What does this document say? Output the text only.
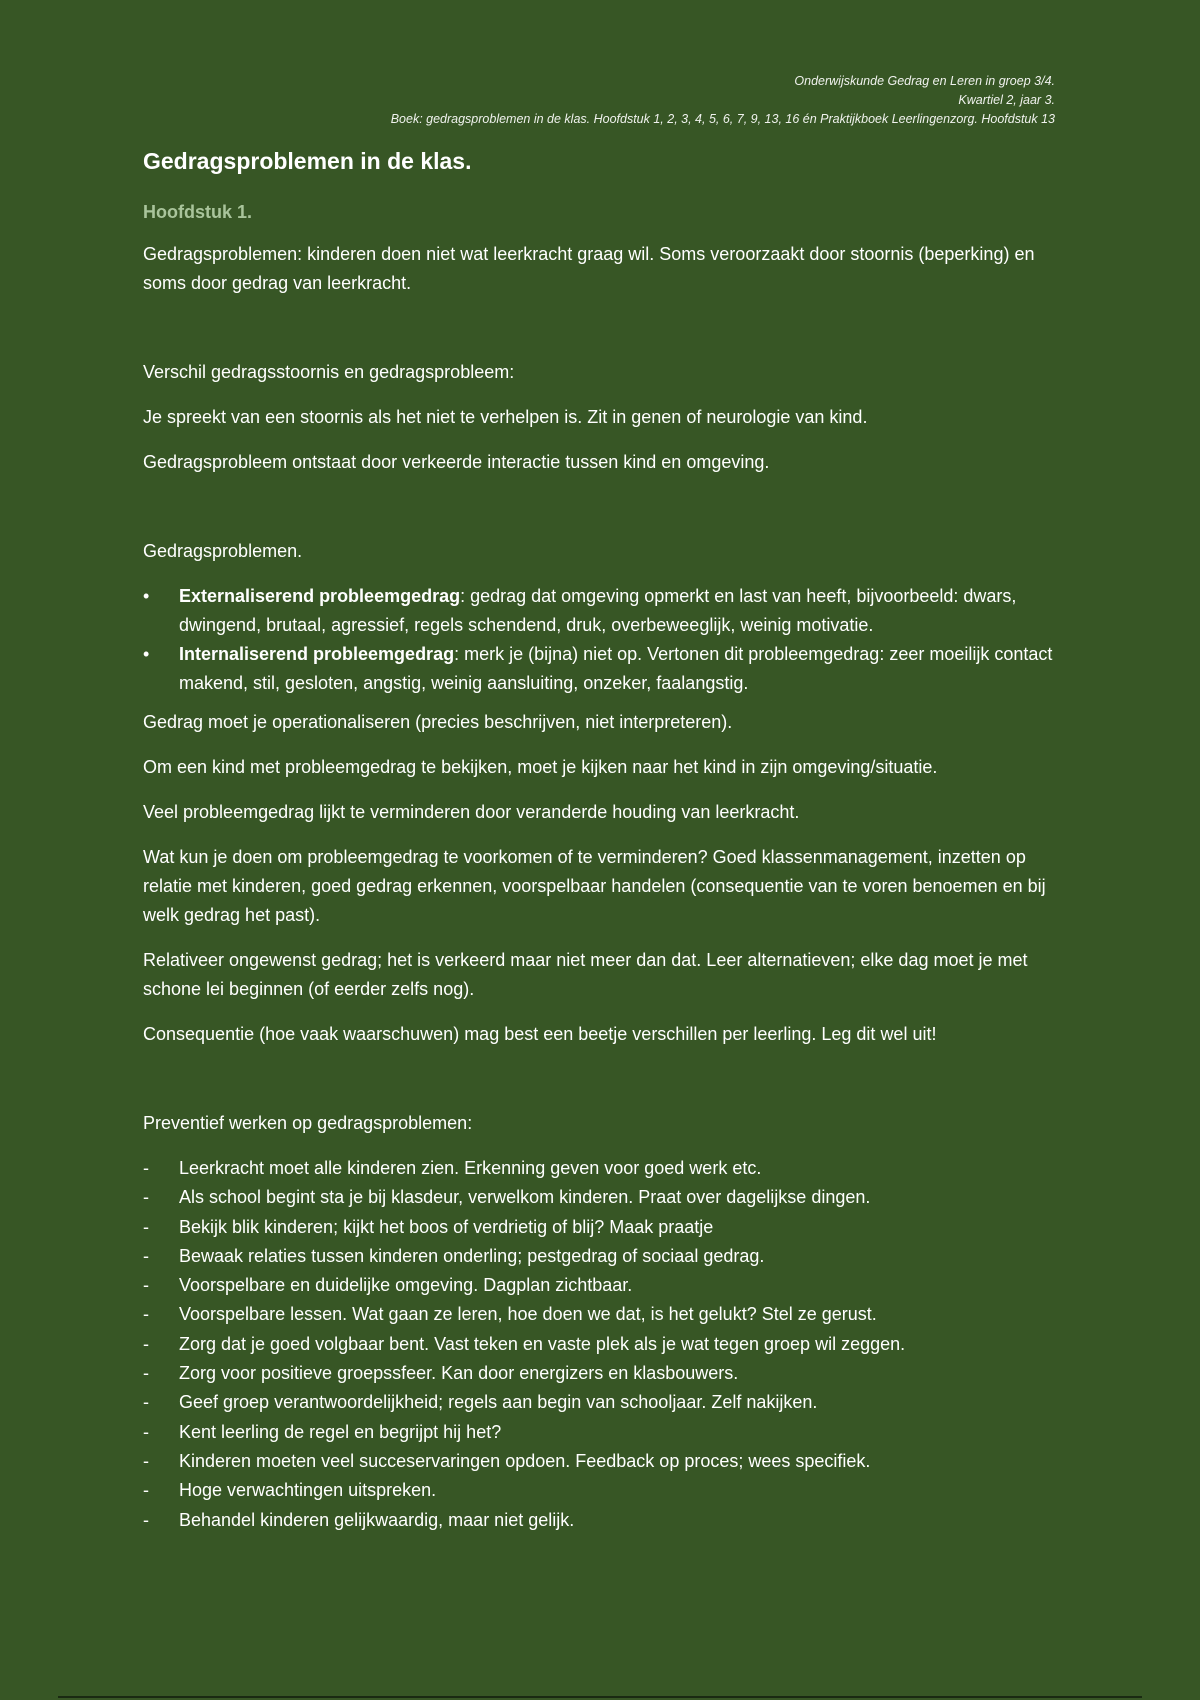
Onderwijskunde Gedrag en Leren in groep 3/4.
Kwartiel 2, jaar 3.
Boek: gedragsproblemen in de klas. Hoofdstuk 1, 2, 3, 4, 5, 6, 7, 9, 13, 16 én Praktijkboek Leerlingenzorg. Hoofdstuk 13
Gedragsproblemen in de klas.
Hoofdstuk 1.

Gedragsproblemen: kinderen doen niet wat leerkracht graag wil. Soms veroorzaakt door stoornis (beperking) en soms door gedrag van leerkracht.

Verschil gedragsstoornis en gedragsprobleem:

Je spreekt van een stoornis als het niet te verhelpen is. Zit in genen of neurologie van kind.

Gedragsprobleem ontstaat door verkeerde interactie tussen kind en omgeving.

Gedragsproblemen.

• Externaliserend probleemgedrag: gedrag dat omgeving opmerkt en last van heeft, bijvoorbeeld: dwars, dwingend, brutaal, agressief, regels schendend, druk, overbeweeglijk, weinig motivatie.
• Internaliserend probleemgedrag: merk je (bijna) niet op. Vertonen dit probleemgedrag: zeer moeilijk contact makend, stil, gesloten, angstig, weinig aansluiting, onzeker, faalangstig.

Gedrag moet je operationaliseren (precies beschrijven, niet interpreteren).

Om een kind met probleemgedrag te bekijken, moet je kijken naar het kind in zijn omgeving/situatie.

Veel probleemgedrag lijkt te verminderen door veranderde houding van leerkracht.

Wat kun je doen om probleemgedrag te voorkomen of te verminderen? Goed klassenmanagement, inzetten op relatie met kinderen, goed gedrag erkennen, voorspelbaar handelen (consequentie van te voren benoemen en bij welk gedrag het past).

Relativeer ongewenst gedrag; het is verkeerd maar niet meer dan dat. Leer alternatieven; elke dag moet je met schone lei beginnen (of eerder zelfs nog).

Consequentie (hoe vaak waarschuwen) mag best een beetje verschillen per leerling. Leg dit wel uit!

Preventief werken op gedragsproblemen:

- Leerkracht moet alle kinderen zien. Erkenning geven voor goed werk etc.
- Als school begint sta je bij klasdeur, verwelkom kinderen. Praat over dagelijkse dingen.
- Bekijk blik kinderen; kijkt het boos of verdrietig of blij? Maak praatje
- Bewaak relaties tussen kinderen onderling; pestgedrag of sociaal gedrag.
- Voorspelbare en duidelijke omgeving. Dagplan zichtbaar.
- Voorspelbare lessen. Wat gaan ze leren, hoe doen we dat, is het gelukt? Stel ze gerust.
- Zorg dat je goed volgbaar bent. Vast teken en vaste plek als je wat tegen groep wil zeggen.
- Zorg voor positieve groepssfeer. Kan door energizers en klasbouwers.
- Geef groep verantwoordelijkheid; regels aan begin van schooljaar. Zelf nakijken.
- Kent leerling de regel en begrijpt hij het?
- Kinderen moeten veel succeservaringen opdoen. Feedback op proces; wees specifiek.
- Hoge verwachtingen uitspreken.
- Behandel kinderen gelijkwaardig, maar niet gelijk.
